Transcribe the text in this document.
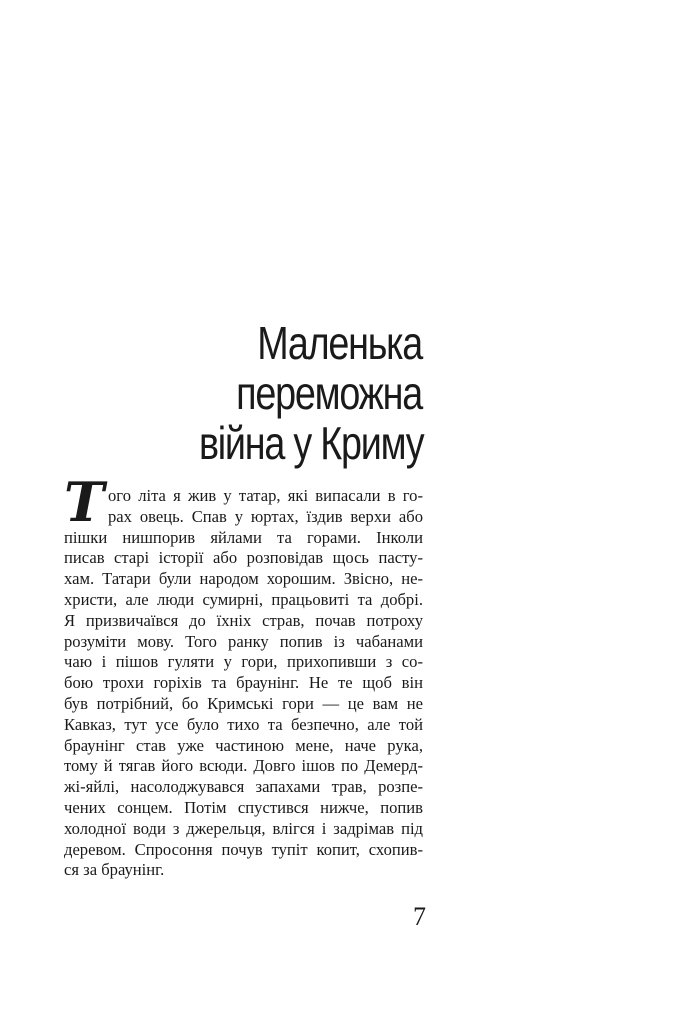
Маленька
переможна
війна у Криму
Т ого літа я жив у татар, які випасали в го-
рах овець. Спав у юртах, їздив верхи або
пішки нишпорив яйлами та горами. Інколи
писав старі історії або розповідав щось пасту-
хам. Татари були народом хорошим. Звісно, не-
христи, але люди сумирні, працьовиті та добрі.
Я призвичаївся до їхніх страв, почав потроху
розуміти мову. Того ранку попив із чабанами
чаю і пішов гуляти у гори, прихопивши з со-
бою трохи горіхів та браунінг. Не те щоб він
був потрібний, бо Кримські гори — це вам не
Кавказ, тут усе було тихо та безпечно, але той
браунінг став уже частиною мене, наче рука,
тому й тягав його всюди. Довго ішов по Демерд-
жі-яйлі, насолоджувався запахами трав, розпе-
чених сонцем. Потім спустився нижче, попив
холодної води з джерельця, влігся і задрімав під
деревом. Спросоння почув тупіт копит, схопив-
ся за браунінг.
7
